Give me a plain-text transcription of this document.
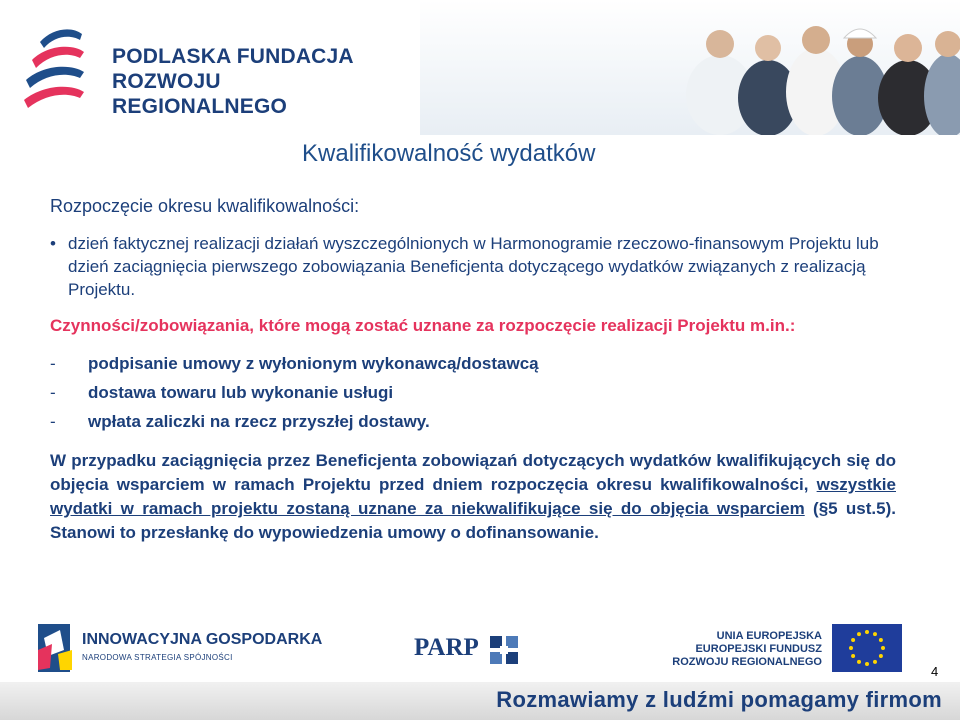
PODLASKA FUNDACJA
ROZWOJU REGIONALNEGO
Kwalifikowalność wydatków
Rozpoczęcie okresu kwalifikowalności:
• dzień faktycznej realizacji działań wyszczególnionych w Harmonogramie rzeczowo-finansowym Projektu lub dzień zaciągnięcia pierwszego zobowiązania Beneficjenta dotyczącego wydatków związanych z realizacją Projektu.
Czynności/zobowiązania, które mogą zostać uznane za rozpoczęcie realizacji Projektu m.in.:
- podpisanie umowy z wyłonionym wykonawcą/dostawcą
- dostawa towaru lub wykonanie usługi
- wpłata zaliczki na rzecz przyszłej dostawy.
W przypadku zaciągnięcia przez Beneficjenta zobowiązań dotyczących wydatków kwalifikujących się do objęcia wsparciem w ramach Projektu przed dniem rozpoczęcia okresu kwalifikowalności, wszystkie wydatki w ramach projektu zostaną uznane za niekwalifikujące się do objęcia wsparciem (§5 ust.5). Stanowi to przesłankę do wypowiedzenia umowy o dofinansowanie.
INNOWACYJNA GOSPODARKA
NARODOWA STRATEGIA SPÓJNOŚCI	PARP	UNIA EUROPEJSKA
EUROPEJSKI FUNDUSZ
ROZWOJU REGIONALNEGO
4
Rozmawiamy z ludźmi pomagamy firmom
